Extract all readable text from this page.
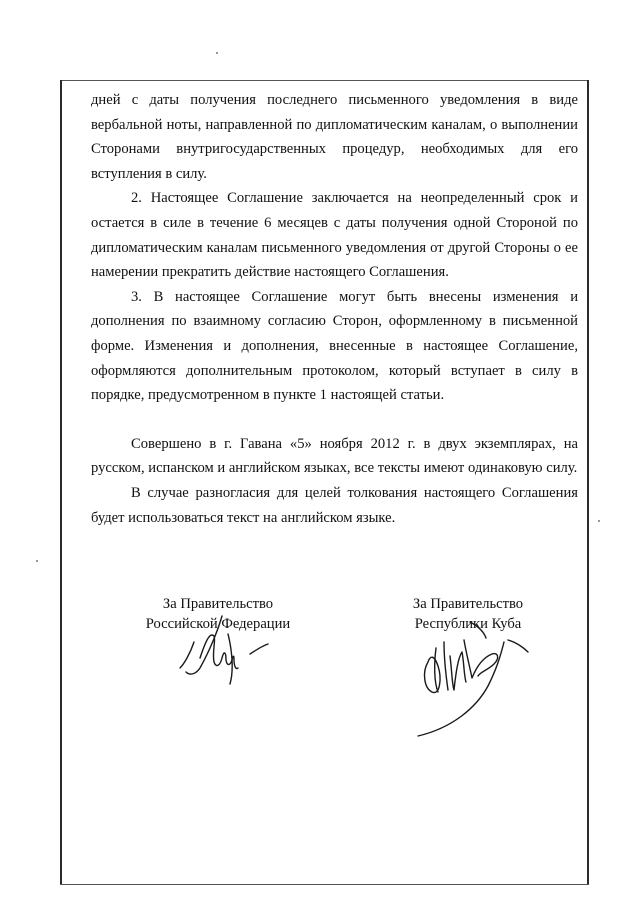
дней с даты получения последнего письменного уведомления в виде вербальной ноты, направленной по дипломатическим каналам, о выполнении Сторонами внутригосударственных процедур, необходимых для его вступления в силу.

2. Настоящее Соглашение заключается на неопределенный срок и остается в силе в течение 6 месяцев с даты получения одной Стороной по дипломатическим каналам письменного уведомления от другой Стороны о ее намерении прекратить действие настоящего Соглашения.

3. В настоящее Соглашение могут быть внесены изменения и дополнения по взаимному согласию Сторон, оформленному в письменной форме. Изменения и дополнения, внесенные в настоящее Соглашение, оформляются дополнительным протоколом, который вступает в силу в порядке, предусмотренном в пункте 1 настоящей статьи.

Совершено в г. Гавана «5» ноября 2012 г. в двух экземплярах, на русском, испанском и английском языках, все тексты имеют одинаковую силу.

В случае разногласия для целей толкования настоящего Соглашения будет использоваться текст на английском языке.

За Правительство
Российской Федерации
За Правительство
Республики Куба
